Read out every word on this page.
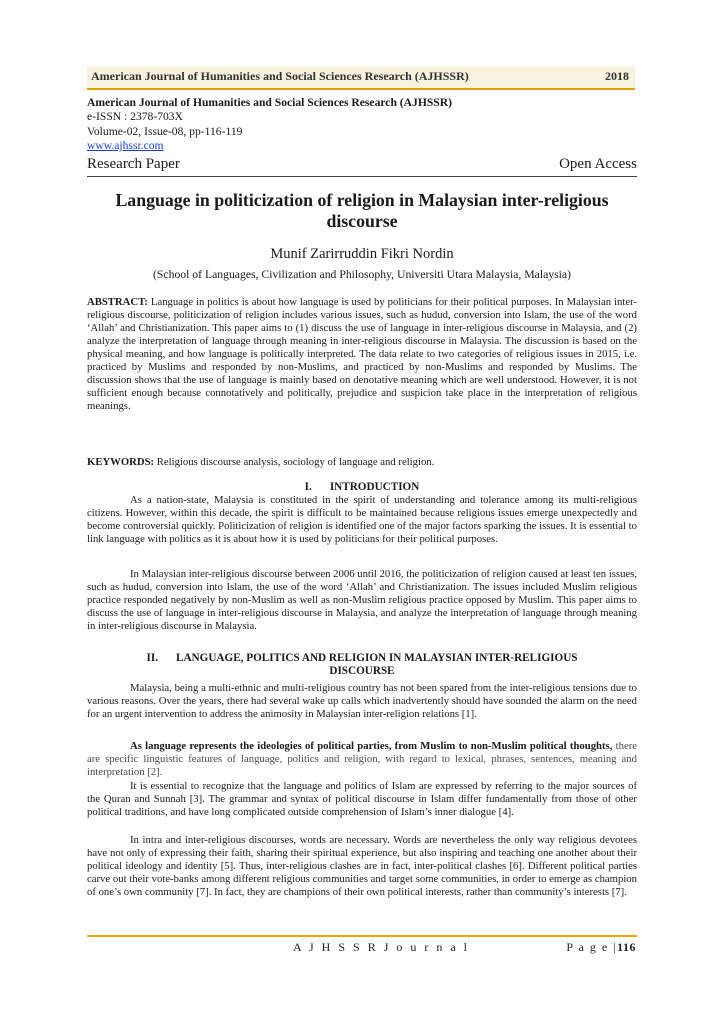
American Journal of Humanities and Social Sciences Research (AJHSSR)	2018
American Journal of Humanities and Social Sciences Research (AJHSSR)
e-ISSN : 2378-703X
Volume-02, Issue-08, pp-116-119
www.ajhssr.com
Research Paper	Open Access
Language in politicization of religion in Malaysian inter-religious
discourse
Munif Zarirruddin Fikri Nordin
(School of Languages, Civilization and Philosophy, Universiti Utara Malaysia, Malaysia)
ABSTRACT: Language in politics is about how language is used by politicians for their political purposes. In Malaysian inter-religious discourse, politicization of religion includes various issues, such as hudud, conversion into Islam, the use of the word ‘Allah’ and Christianization. This paper aims to (1) discuss the use of language in inter-religious discourse in Malaysia, and (2) analyze the interpretation of language through meaning in inter-religious discourse in Malaysia. The discussion is based on the physical meaning, and how language is politically interpreted. The data relate to two categories of religious issues in 2015, i.e. practiced by Muslims and responded by non-Muslims, and practiced by non-Muslims and responded by Muslims. The discussion shows that the use of language is mainly based on denotative meaning which are well understood. However, it is not sufficient enough because connotatively and politically, prejudice and suspicion take place in the interpretation of religious meanings.
KEYWORDS: Religious discourse analysis, sociology of language and religion.
I. INTRODUCTION
As a nation-state, Malaysia is constituted in the spirit of understanding and tolerance among its multi-religious citizens. However, within this decade, the spirit is difficult to be maintained because religious issues emerge unexpectedly and become controversial quickly. Politicization of religion is identified one of the major factors sparking the issues. It is essential to link language with politics as it is about how it is used by politicians for their political purposes.
In Malaysian inter-religious discourse between 2006 until 2016, the politicization of religion caused at least ten issues, such as hudud, conversion into Islam, the use of the word ‘Allah’ and Christianization. The issues included Muslim religious practice responded negatively by non-Muslim as well as non-Muslim religious practice opposed by Muslim. This paper aims to discuss the use of language in inter-religious discourse in Malaysia, and analyze the interpretation of language through meaning in inter-religious discourse in Malaysia.
II. LANGUAGE, POLITICS AND RELIGION IN MALAYSIAN INTER-RELIGIOUS
DISCOURSE
Malaysia, being a multi-ethnic and multi-religious country has not been spared from the inter-religious tensions due to various reasons. Over the years, there had several wake up calls which inadvertently should have sounded the alarm on the need for an urgent intervention to address the animosity in Malaysian inter-religion relations [1].
As language represents the ideologies of political parties, from Muslim to non-Muslim political thoughts, there are specific linguistic features of language, politics and religion, with regard to lexical, phrases, sentences, meaning and interpretation [2].
It is essential to recognize that the language and politics of Islam are expressed by referring to the major sources of the Quran and Sunnah [3]. The grammar and syntax of political discourse in Islam differ fundamentally from those of other political traditions, and have long complicated outside comprehension of Islam’s inner dialogue [4].
In intra and inter-religious discourses, words are necessary. Words are nevertheless the only way religious devotees have not only of expressing their faith, sharing their spiritual experience, but also inspiring and teaching one another about their political ideology and identity [5]. Thus, inter-religious clashes are in fact, inter-political clashes [6]. Different political parties carve out their vote-banks among different religious communities and target some communities, in order to emerge as champion of one’s own community [7]. In fact, they are champions of their own political interests, rather than community’s interests [7].
A J H S S R J o u r n a l	P a g e |116
